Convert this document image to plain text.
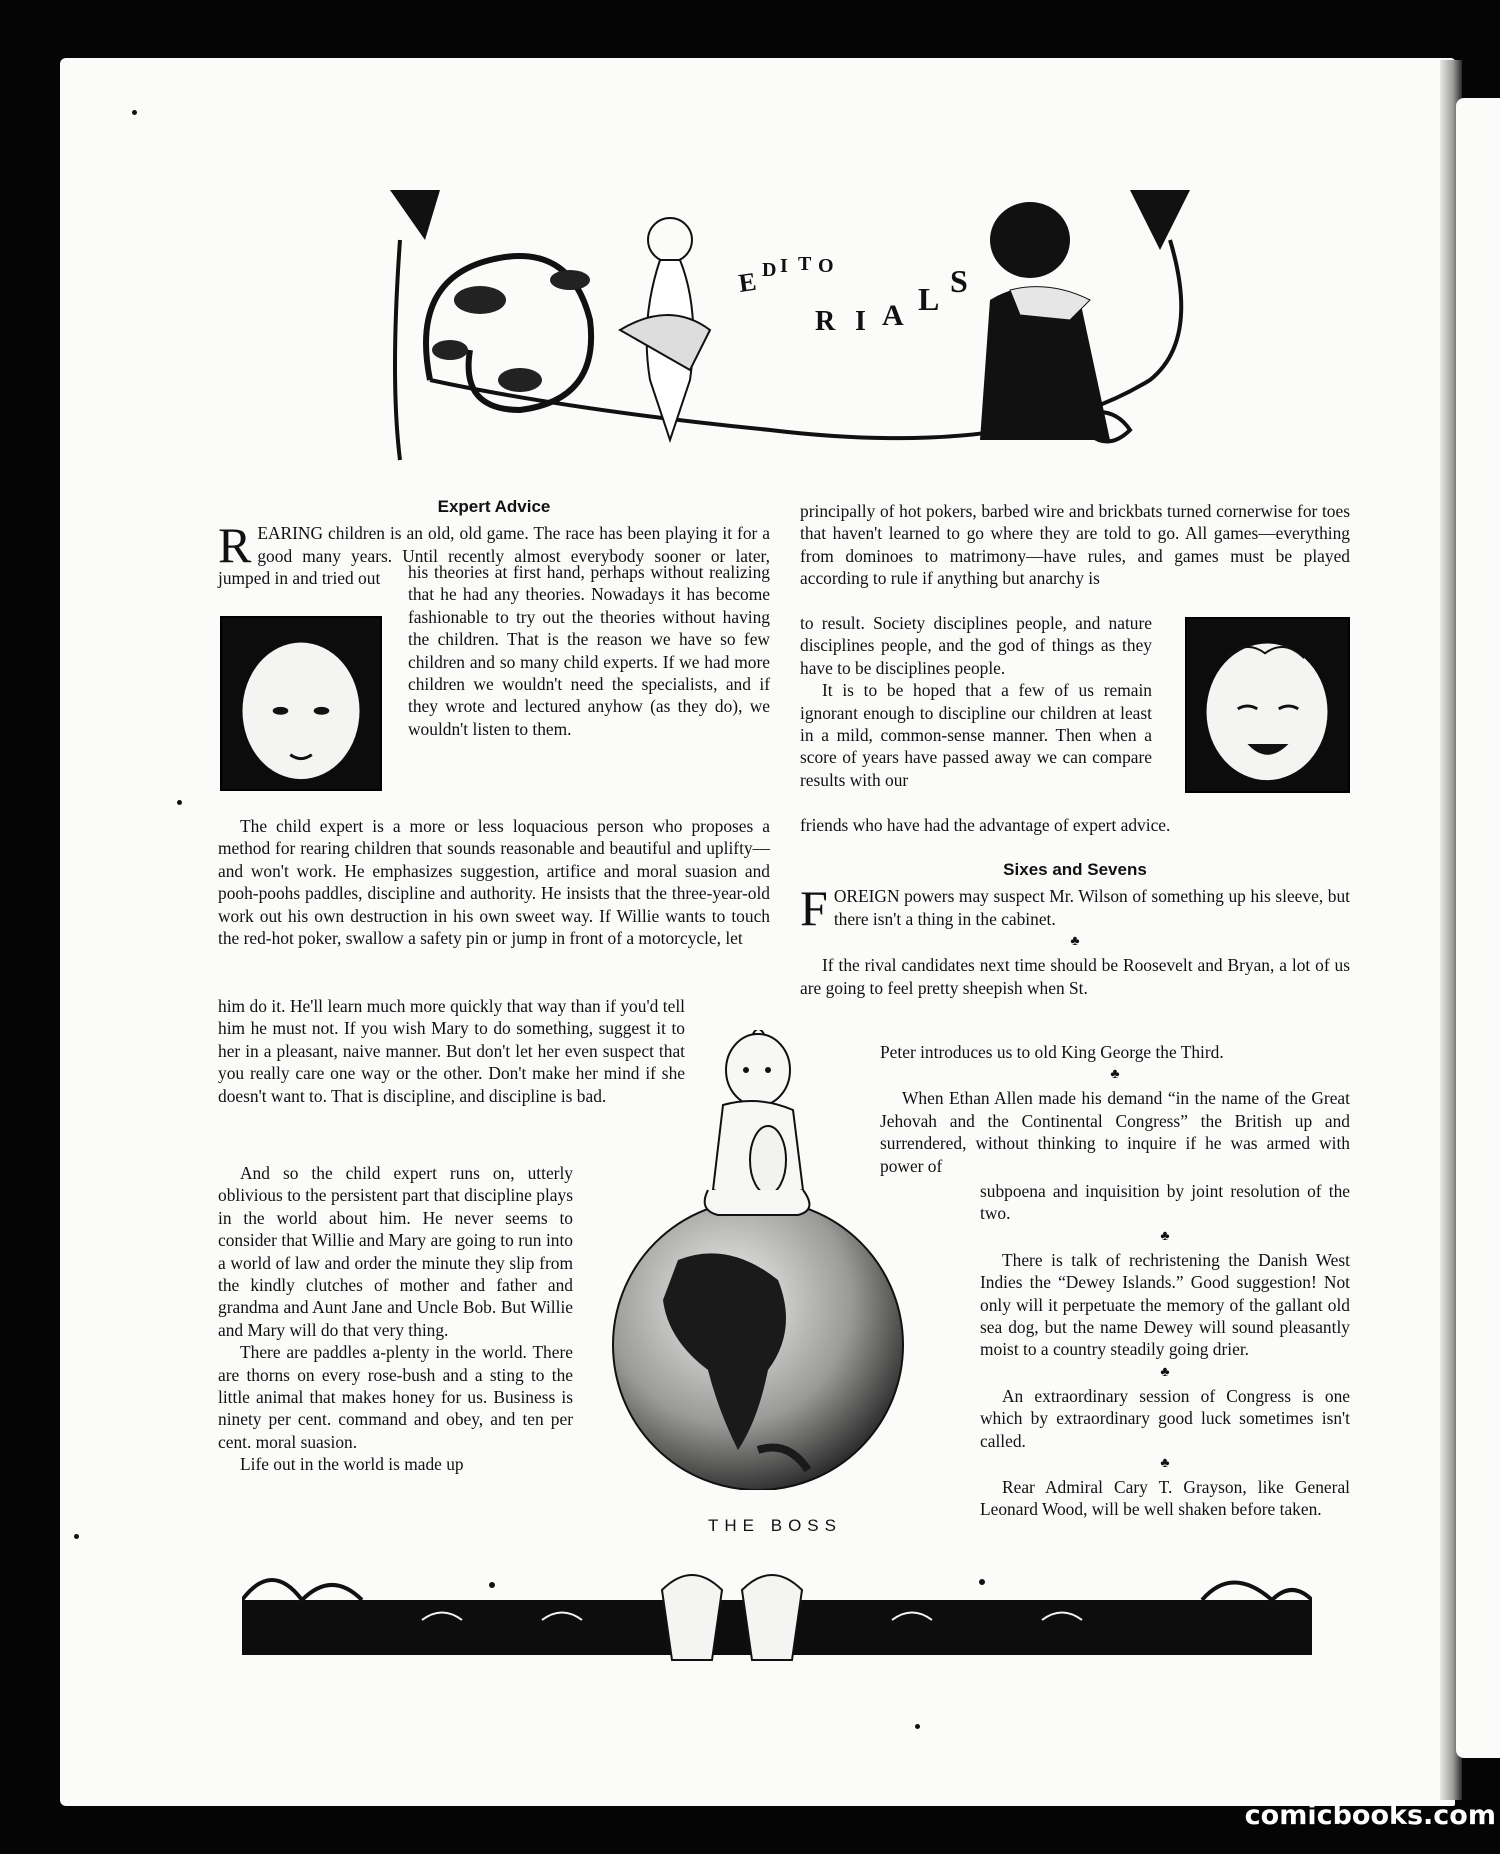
E D I T O
R I A L S
Expert Advice

REARING children is an old, old game. The race has been playing it for a good many years. Until recently almost everybody sooner or later, jumped in and tried out	his theories at first hand, perhaps without realizing that he had any theories. Nowadays it has become fashionable to try out the theories without having the children. That is the reason we have so few children and so many child experts. If we had more children we wouldn't need the specialists, and if they wrote and lectured anyhow (as they do), we wouldn't listen to them.

The child expert is a more or less loquacious person who proposes a method for rearing children that sounds reasonable and beautiful and uplifty—and won't work. He emphasizes suggestion, artifice and moral suasion and pooh-poohs paddles, discipline and authority. He insists that the three-year-old work out his own destruction in his own sweet way. If Willie wants to touch the red-hot poker, swallow a safety pin or jump in front of a motorcycle, let

him do it. He'll learn much more quickly that way than if you'd tell him he must not. If you wish Mary to do something, suggest it to her in a pleasant, naive manner. But don't let her even suspect that you really care one way or the other. Don't make her mind if she doesn't want to. That is discipline, and discipline is bad.

And so the child expert runs on, utterly oblivious to the persistent part that discipline plays in the world about him. He never seems to consider that Willie and Mary are going to run into a world of law and order the minute they slip from the kindly clutches of mother and father and grandma and Aunt Jane and Uncle Bob. But Willie and Mary will do that very thing.

There are paddles a-plenty in the world. There are thorns on every rose-bush and a sting to the little animal that makes honey for us. Business is ninety per cent. command and obey, and ten per cent. moral suasion.

Life out in the world is made up

principally of hot pokers, barbed wire and brickbats turned cornerwise for toes that haven't learned to go where they are told to go. All games—everything from dominoes to matrimony—have rules, and games must be played according to rule if anything but anarchy is

to result. Society disciplines people, and nature disciplines people, and the god of things as they have to be disciplines people.

It is to be hoped that a few of us remain ignorant enough to discipline our children at least in a mild, common-sense manner. Then when a score of years have passed away we can compare results with our

friends who have had the advantage of expert advice.

Sixes and Sevens

FOREIGN powers may suspect Mr. Wilson of something up his sleeve, but there isn't a thing in the cabinet.

♣

If the rival candidates next time should be Roosevelt and Bryan, a lot of us are going to feel pretty sheepish when St.

Peter introduces us to old King George the Third.

♣

When Ethan Allen made his demand “in the name of the Great Jehovah and the Continental Congress” the British up and surrendered, without thinking to inquire if he was armed with power of

subpoena and inquisition by joint resolution of the two.

♣

There is talk of rechristening the Danish West Indies the “Dewey Islands.” Good suggestion! Not only will it perpetuate the memory of the gallant old sea dog, but the name Dewey will sound pleasantly moist to a country steadily going drier.

♣

An extraordinary session of Congress is one which by extraordinary good luck sometimes isn't called.

♣

Rear Admiral Cary T. Grayson, like General Leonard Wood, will be well shaken before taken.

THE BOSS
comicbooks.com
